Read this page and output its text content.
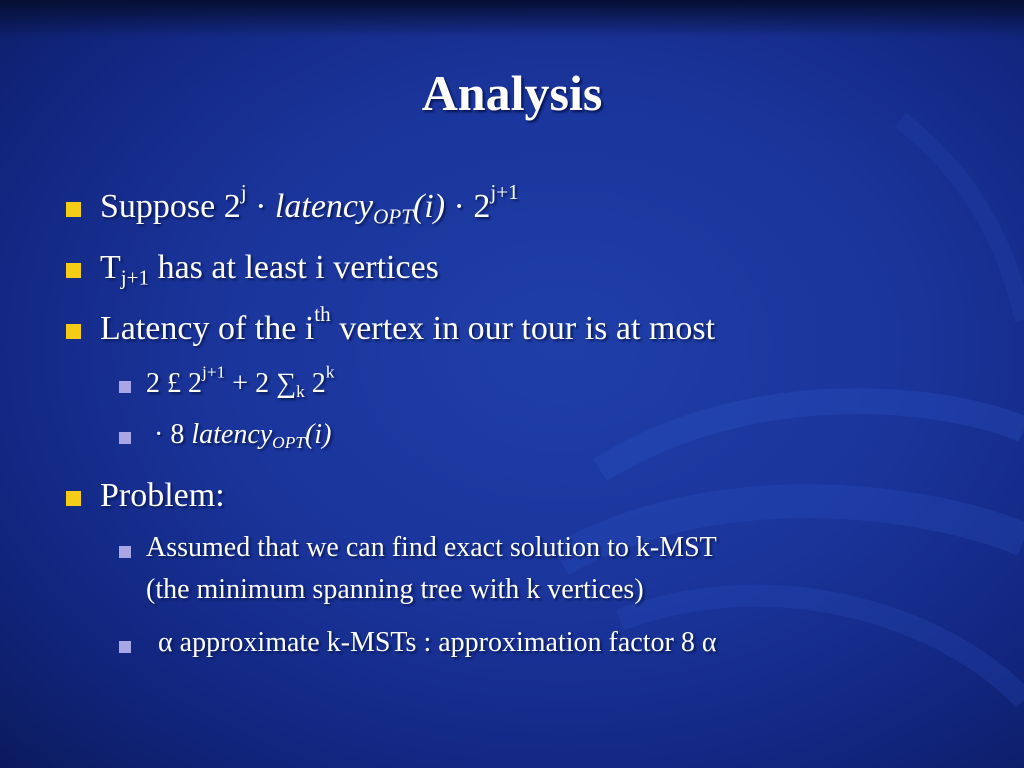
Analysis
Suppose $2^j$ · latency$_{OPT}$(i) · $2^{j+1}$
$T_{j+1}$ has at least i vertices
Latency of the $i^{th}$ vertex in our tour is at most
2 £ $2^{j+1} + 2$ $\sum_k$ $2^k$
· 8 latency$_{OPT}$(i)
Problem:
Assumed that we can find exact solution to k-MST
(the minimum spanning tree with k vertices)
α approximate k-MSTs : approximation factor 8 α
